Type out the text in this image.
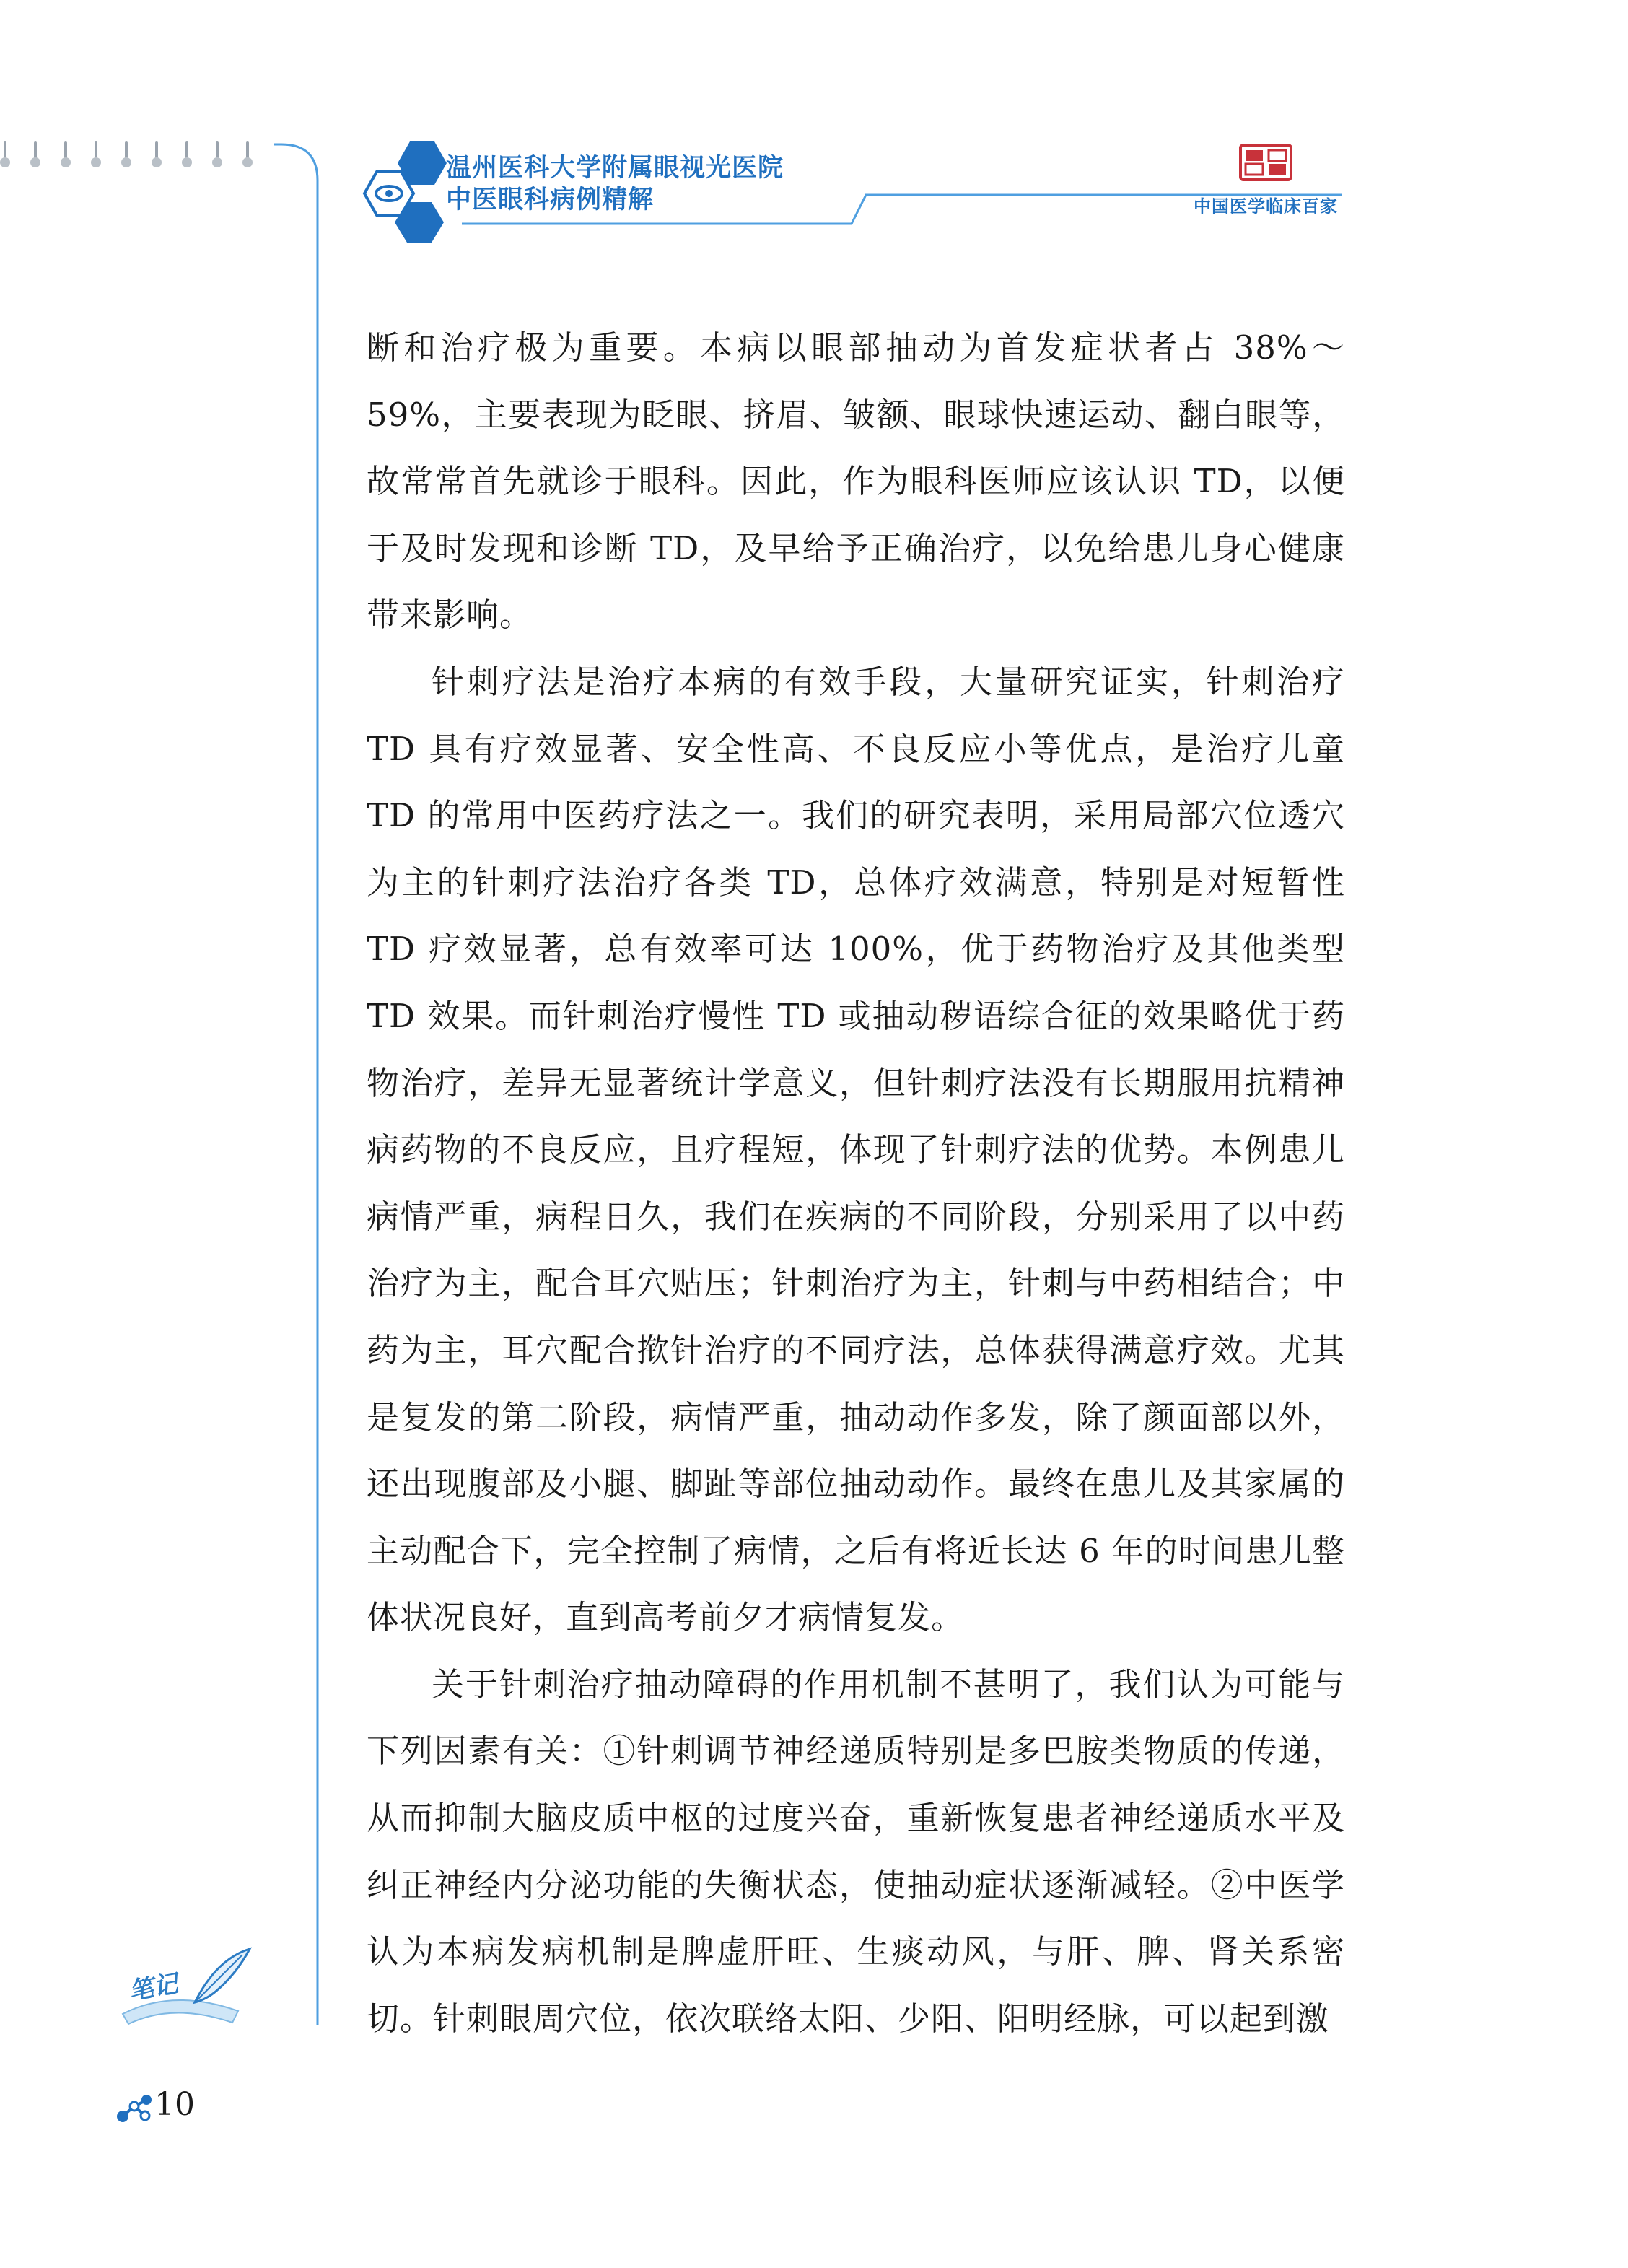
温州医科大学附属眼视光医院
中医眼科病例精解	中国医学临床百家

断和治疗极为重要。本病以眼部抽动为首发症状者占 38%～59%，主要表现为眨眼、挤眉、皱额、眼球快速运动、翻白眼等，故常常首先就诊于眼科。因此，作为眼科医师应该认识 TD，以便于及时发现和诊断 TD，及早给予正确治疗，以免给患儿身心健康带来影响。

针刺疗法是治疗本病的有效手段，大量研究证实，针刺治疗 TD 具有疗效显著、安全性高、不良反应小等优点，是治疗儿童 TD 的常用中医药疗法之一。我们的研究表明，采用局部穴位透穴为主的针刺疗法治疗各类 TD，总体疗效满意，特别是对短暂性 TD 疗效显著，总有效率可达 100%，优于药物治疗及其他类型 TD 效果。而针刺治疗慢性 TD 或抽动秽语综合征的效果略优于药物治疗，差异无显著统计学意义，但针刺疗法没有长期服用抗精神病药物的不良反应，且疗程短，体现了针刺疗法的优势。本例患儿病情严重，病程日久，我们在疾病的不同阶段，分别采用了以中药治疗为主，配合耳穴贴压；针刺治疗为主，针刺与中药相结合；中药为主，耳穴配合揿针治疗的不同疗法，总体获得满意疗效。尤其是复发的第二阶段，病情严重，抽动动作多发，除了颜面部以外，还出现腹部及小腿、脚趾等部位抽动动作。最终在患儿及其家属的主动配合下，完全控制了病情，之后有将近长达 6 年的时间患儿整体状况良好，直到高考前夕才病情复发。

关于针刺治疗抽动障碍的作用机制不甚明了，我们认为可能与下列因素有关：①针刺调节神经递质特别是多巴胺类物质的传递，从而抑制大脑皮质中枢的过度兴奋，重新恢复患者神经递质水平及纠正神经内分泌功能的失衡状态，使抽动症状逐渐减轻。②中医学认为本病发病机制是脾虚肝旺、生痰动风，与肝、脾、肾关系密切。针刺眼周穴位，依次联络太阳、少阳、阳明经脉，可以起到激

笔记
10
